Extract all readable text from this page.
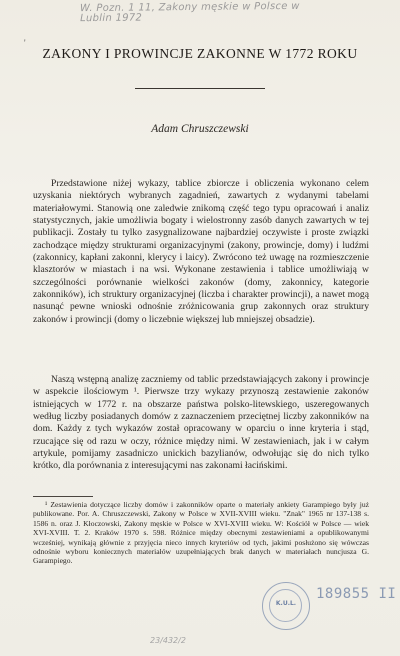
W. Pozn. 1 11, Zakony męskie w Polsce w
Lublin 1972
'
ZAKONY I PROWINCJE ZAKONNE W 1772 ROKU
Adam Chruszczewski

Przedstawione niżej wykazy, tablice zbiorcze i obliczenia wykonano celem uzyskania niektórych wybranych zagadnień, zawartych z wydanymi tabelami materiałowymi. Stanowią one zaledwie znikomą część tego typu opracowań i analiz statystycznych, jakie umożliwia bogaty i wielostronny zasób danych zawartych w tej publikacji. Zostały tu tylko zasygnalizowane najbardziej oczywiste i proste związki zachodzące między strukturami organizacyjnymi (zakony, prowincje, domy) i ludźmi (zakonnicy, kapłani zakonni, klerycy i laicy). Zwrócono też uwagę na rozmieszczenie klasztorów w miastach i na wsi. Wykonane zestawienia i tablice umożliwiają w szczególności porównanie wielkości zakonów (domy, zakonnicy, kategorie zakonników), ich struktury organizacyjnej (liczba i charakter prowincji), a nawet mogą nasunąć pewne wnioski odnośnie zróżnicowania grup zakonnych oraz struktury zakonów i prowincji (domy o liczebnie większej lub mniejszej obsadzie).

Naszą wstępną analizę zaczniemy od tablic przedstawiających zakony i prowincje w aspekcie ilościowym ¹. Pierwsze trzy wykazy przynoszą zestawienie zakonów istniejących w 1772 r. na obszarze państwa polsko-litewskiego, uszeregowanych według liczby posiadanych domów z zaznaczeniem przeciętnej liczby zakonników na dom. Każdy z tych wykazów został opracowany w oparciu o inne kryteria i stąd, rzucające się od razu w oczy, różnice między nimi. W zestawieniach, jak i w całym artykule, pomijamy zasadniczo unickich bazylianów, odwołując się do nich tylko krótko, dla porównania z interesującymi nas zakonami łacińskimi.

¹ Zestawienia dotyczące liczby domów i zakonników oparte o materiały ankiety Garampiego były już publikowane. Por. A. Chruszczewski, Zakony w Polsce w XVII-XVIII wieku. "Znak" 1965 nr 137-138 s. 1586 n. oraz J. Kłoczowski, Zakony męskie w Polsce w XVI-XVIII wieku. W: Kościół w Polsce — wiek XVI-XVIII. T. 2. Kraków 1970 s. 598. Różnice między obecnymi zestawieniami a opublikowanymi wcześniej, wynikają głównie z przyjęcia nieco innych kryteriów od tych, jakimi posłużono się wówczas odnośnie wyboru koniecznych materiałów uzupełniających brak danych w materiałach nuncjusza G. Garampiego.

K.U.L.
189855 II
23/432/2
